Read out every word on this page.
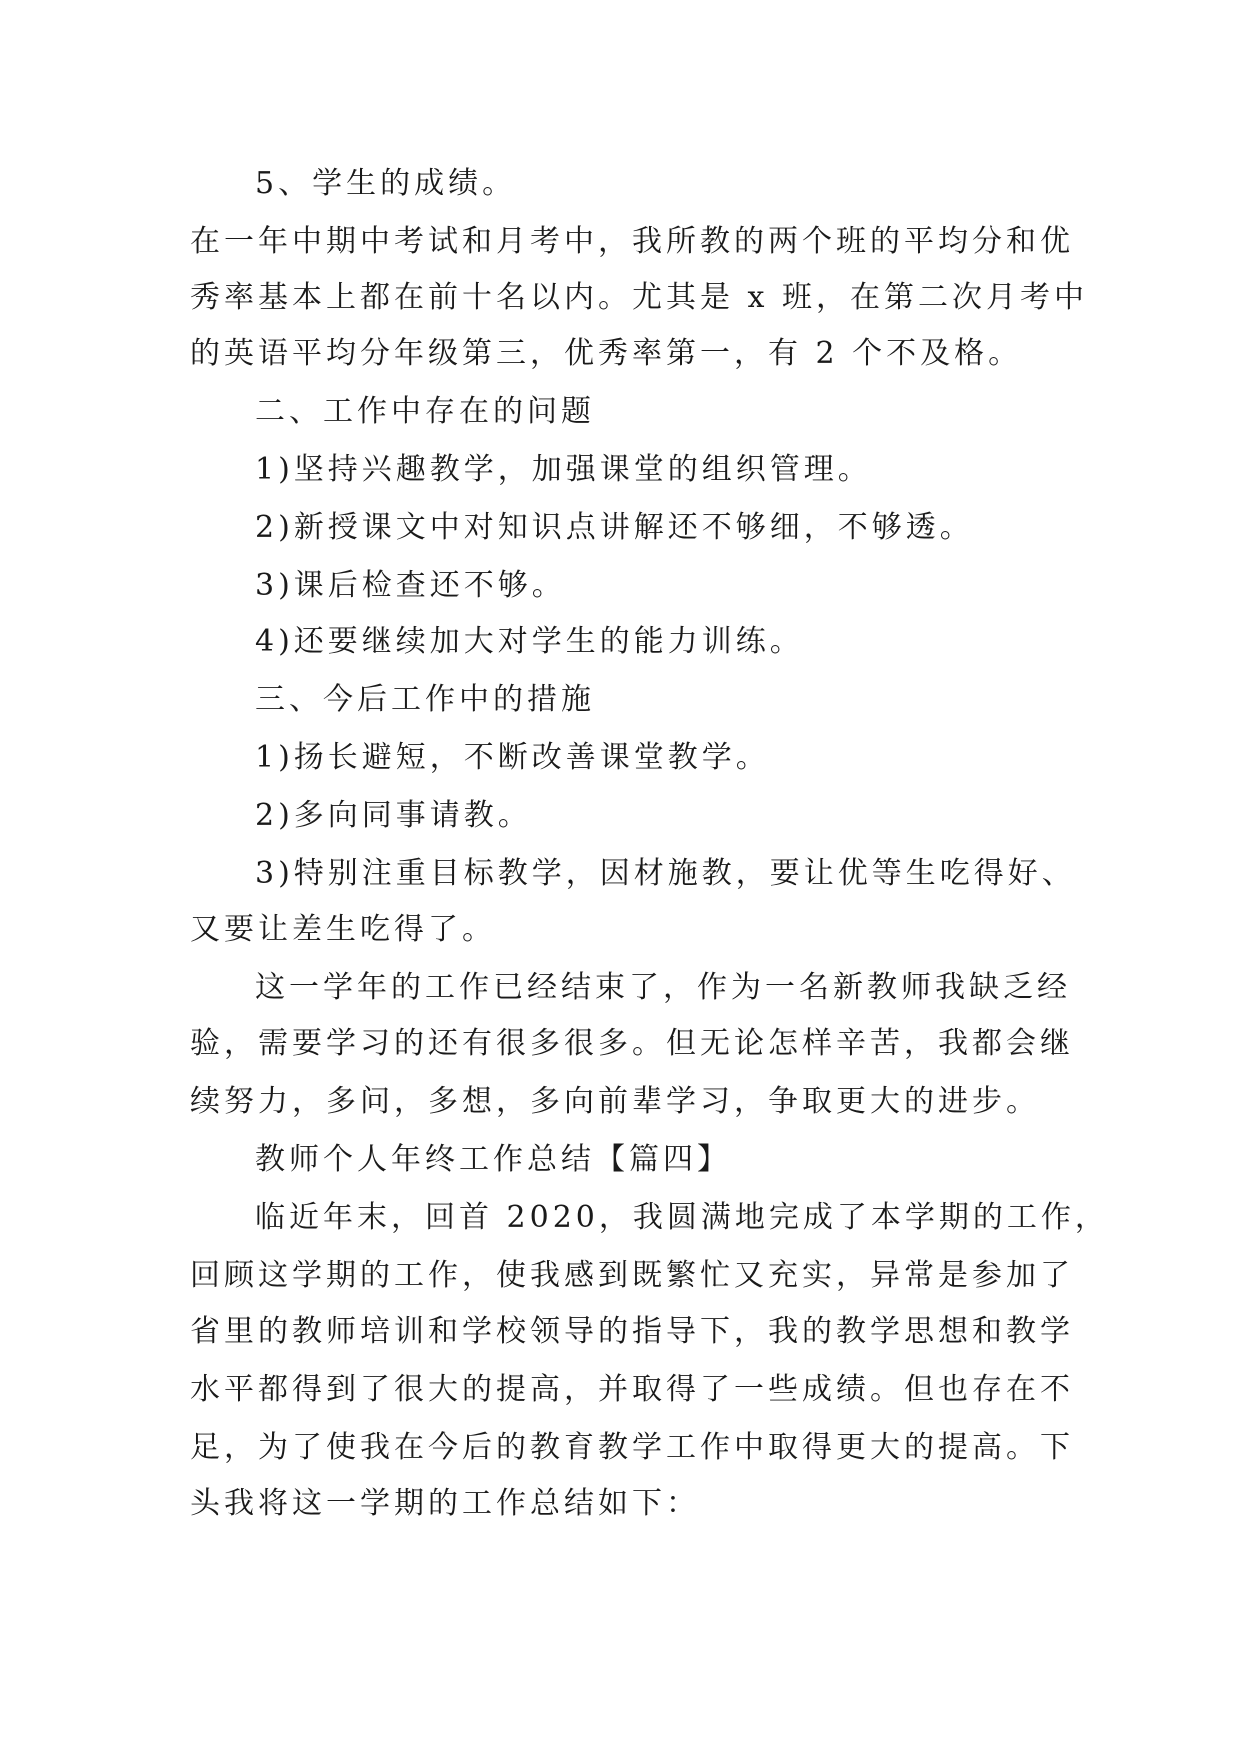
5、学生的成绩。

在一年中期中考试和月考中，我所教的两个班的平均分和优

秀率基本上都在前十名以内。尤其是 x 班，在第二次月考中

的英语平均分年级第三，优秀率第一，有 2 个不及格。

二、工作中存在的问题

1)坚持兴趣教学，加强课堂的组织管理。

2)新授课文中对知识点讲解还不够细，不够透。

3)课后检查还不够。

4)还要继续加大对学生的能力训练。

三、今后工作中的措施

1)扬长避短，不断改善课堂教学。

2)多向同事请教。

3)特别注重目标教学，因材施教，要让优等生吃得好、

又要让差生吃得了。

这一学年的工作已经结束了，作为一名新教师我缺乏经

验，需要学习的还有很多很多。但无论怎样辛苦，我都会继

续努力，多问，多想，多向前辈学习，争取更大的进步。

教师个人年终工作总结【篇四】

临近年末，回首 2020，我圆满地完成了本学期的工作，

回顾这学期的工作，使我感到既繁忙又充实，异常是参加了

省里的教师培训和学校领导的指导下，我的教学思想和教学

水平都得到了很大的提高，并取得了一些成绩。但也存在不

足，为了使我在今后的教育教学工作中取得更大的提高。下

头我将这一学期的工作总结如下：
